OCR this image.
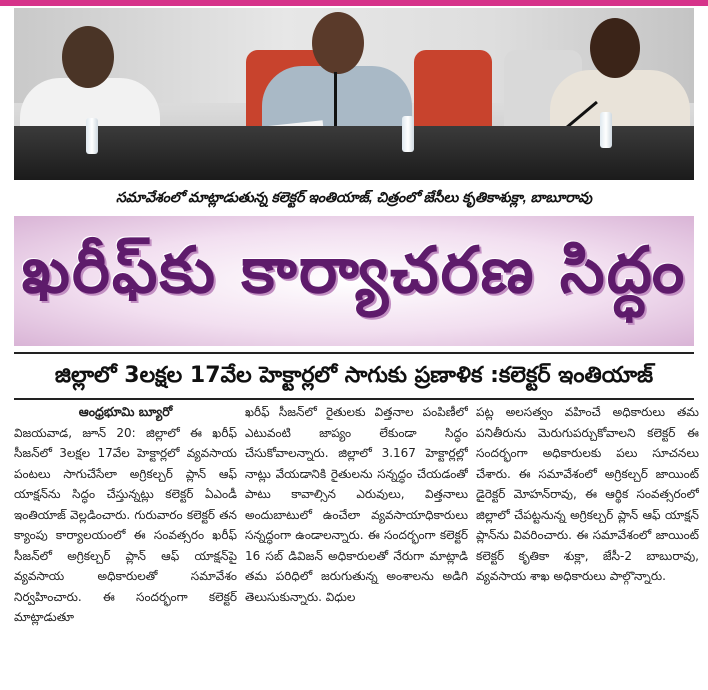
సమావేశంలో మాట్లాడుతున్న కలెక్టర్ ఇంతియాజ్, చిత్రంలో జేసీలు కృతికాశుక్లా, బాబూరావు
ఖరీఫ్‌కు కార్యాచరణ సిద్ధం
జిల్లాలో 3లక్షల 17వేల హెక్టార్లలో సాగుకు ప్రణాళిక :కలెక్టర్ ఇంతియాజ్
ఆంధ్రభూమి బ్యూరో

విజయవాడ, జూన్ 20: జిల్లాలో ఈ ఖరీఫ్ సీజన్‌లో 3లక్షల 17వేల హెక్టార్లలో వ్యవసాయ పంటలు సాగుచేసేలా అగ్రికల్చర్ ప్లాన్ ఆఫ్ యాక్షన్‌ను సిద్ధం చేస్తున్నట్లు కలెక్టర్ ఏఎండీ ఇంతియాజ్ వెల్లడించారు. గురువారం కలెక్టర్ తన క్యాంపు కార్యాలయంలో ఈ సంవత్సరం ఖరీఫ్ సీజన్‌లో అగ్రికల్చర్ ప్లాన్ ఆఫ్ యాక్షన్‌పై వ్యవసాయ అధికారులతో సమావేశం నిర్వహించారు. ఈ సందర్భంగా కలెక్టర్ మాట్లాడుతూ

ఖరీఫ్ సీజన్‌లో రైతులకు విత్తనాల పంపిణీలో ఎటువంటి జాప్యం లేకుండా సిద్ధం చేసుకోవాలన్నారు. జిల్లాలో 3.167 హెక్టార్లల్లో నాట్లు వేయడానికి రైతులను సన్నద్ధం చేయడంతో పాటు కావాల్సిన ఎరువులు, విత్తనాలు అందుబాటులో ఉంచేలా వ్యవసాయాధికారులు సన్నద్ధంగా ఉండాలన్నారు. ఈ సందర్భంగా కలెక్టర్ 16 సబ్ డివిజన్ అధికారులతో నేరుగా మాట్లాడి తమ పరిధిలో జరుగుతున్న అంశాలను అడిగి తెలుసుకున్నారు. విధుల

పట్ల అలసత్వం వహించే అధికారులు తమ పనితీరును మెరుగుపర్చుకోవాలని కలెక్టర్ ఈ సందర్భంగా అధికారులకు పలు సూచనలు చేశారు. ఈ సమావేశంలో అగ్రికల్చర్ జాయింట్ డైరెక్టర్ మోహన్‌రావు, ఈ ఆర్థిక సంవత్సరంలో జిల్లాలో చేపట్టనున్న అగ్రికల్చర్ ప్లాన్ ఆఫ్ యాక్షన్ ప్లాన్‌ను వివరించారు. ఈ సమావేశంలో జాయింట్ కలెక్టర్ కృతికా శుక్లా, జేసీ-2 బాబురావు, వ్యవసాయ శాఖ అధికారులు పాల్గొన్నారు.
